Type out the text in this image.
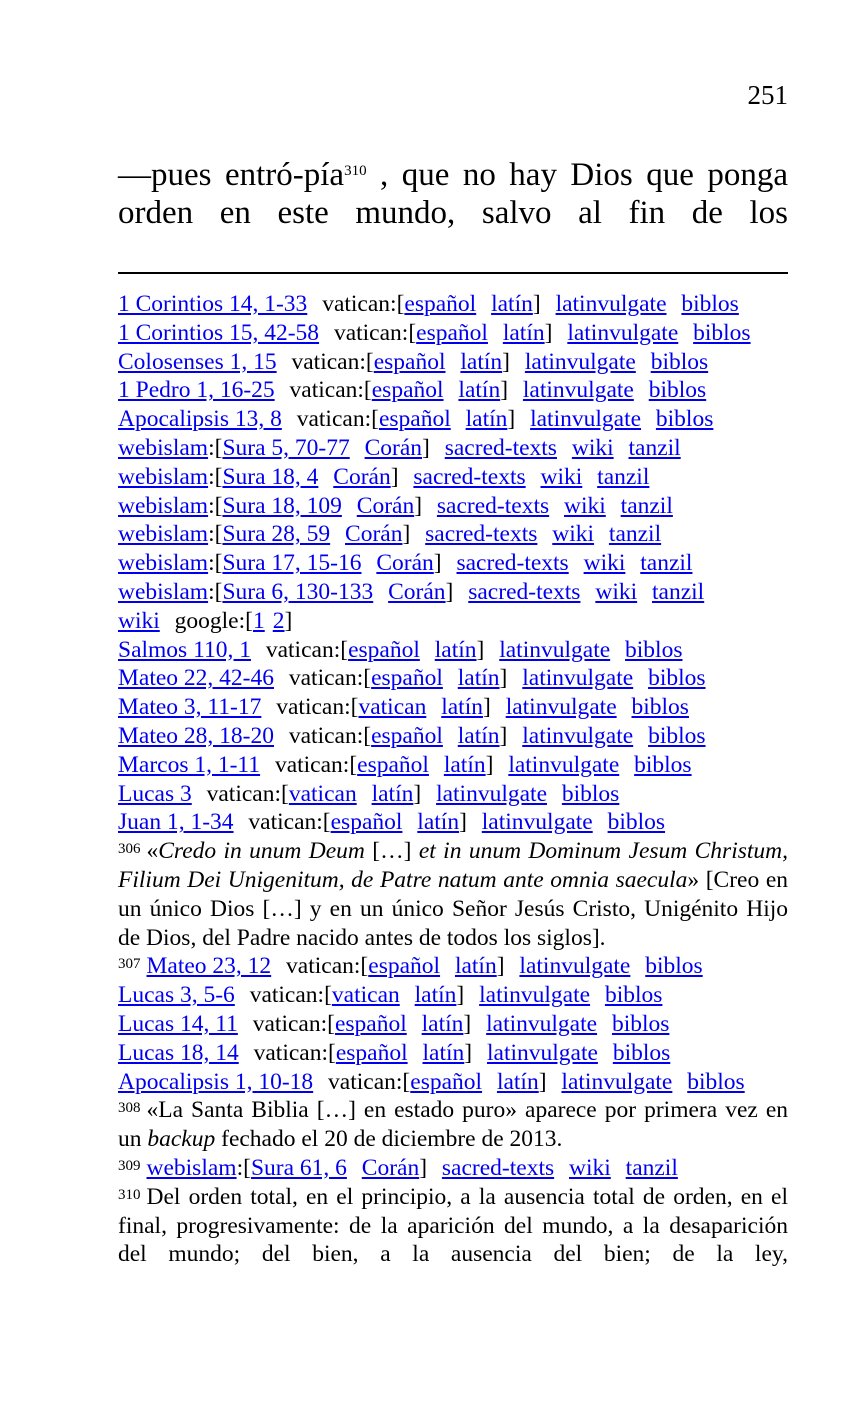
251
—pues entró-pía$^{310}$ , que no hay Dios que ponga
orden en este mundo, salvo al fin de los
1 Corintios 14, 1-33 vatican:[español latín] latinvulgate biblos
1 Corintios 15, 42-58 vatican:[español latín] latinvulgate biblos
Colosenses 1, 15 vatican:[español latín] latinvulgate biblos
1 Pedro 1, 16-25 vatican:[español latín] latinvulgate biblos
Apocalipsis 13, 8 vatican:[español latín] latinvulgate biblos
webislam:[Sura 5, 70-77 Corán] sacred-texts wiki tanzil
webislam:[Sura 18, 4 Corán] sacred-texts wiki tanzil
webislam:[Sura 18, 109 Corán] sacred-texts wiki tanzil
webislam:[Sura 28, 59 Corán] sacred-texts wiki tanzil
webislam:[Sura 17, 15-16 Corán] sacred-texts wiki tanzil
webislam:[Sura 6, 130-133 Corán] sacred-texts wiki tanzil
wiki google:[1 2]
Salmos 110, 1 vatican:[español latín] latinvulgate biblos
Mateo 22, 42-46 vatican:[español latín] latinvulgate biblos
Mateo 3, 11-17 vatican:[vatican latín] latinvulgate biblos
Mateo 28, 18-20 vatican:[español latín] latinvulgate biblos
Marcos 1, 1-11 vatican:[español latín] latinvulgate biblos
Lucas 3 vatican:[vatican latín] latinvulgate biblos
Juan 1, 1-34 vatican:[español latín] latinvulgate biblos
$^{306}$ «Credo in unum Deum […] et in unum Dominum Jesum Christum, Filium Dei Unigenitum, de Patre natum ante omnia saecula» [Creo en un único Dios […] y en un único Señor Jesús Cristo, Unigénito Hijo de Dios, del Padre nacido antes de todos los siglos].
$^{307}$ Mateo 23, 12 vatican:[español latín] latinvulgate biblos
Lucas 3, 5-6 vatican:[vatican latín] latinvulgate biblos
Lucas 14, 11 vatican:[español latín] latinvulgate biblos
Lucas 18, 14 vatican:[español latín] latinvulgate biblos
Apocalipsis 1, 10-18 vatican:[español latín] latinvulgate biblos
$^{308}$ «La Santa Biblia […] en estado puro» aparece por primera vez en un backup fechado el 20 de diciembre de 2013.
$^{309}$ webislam:[Sura 61, 6 Corán] sacred-texts wiki tanzil
$^{310}$ Del orden total, en el principio, a la ausencia total de orden, en el final, progresivamente: de la aparición del mundo, a la desaparición del mundo; del bien, a la ausencia del bien; de la ley,
